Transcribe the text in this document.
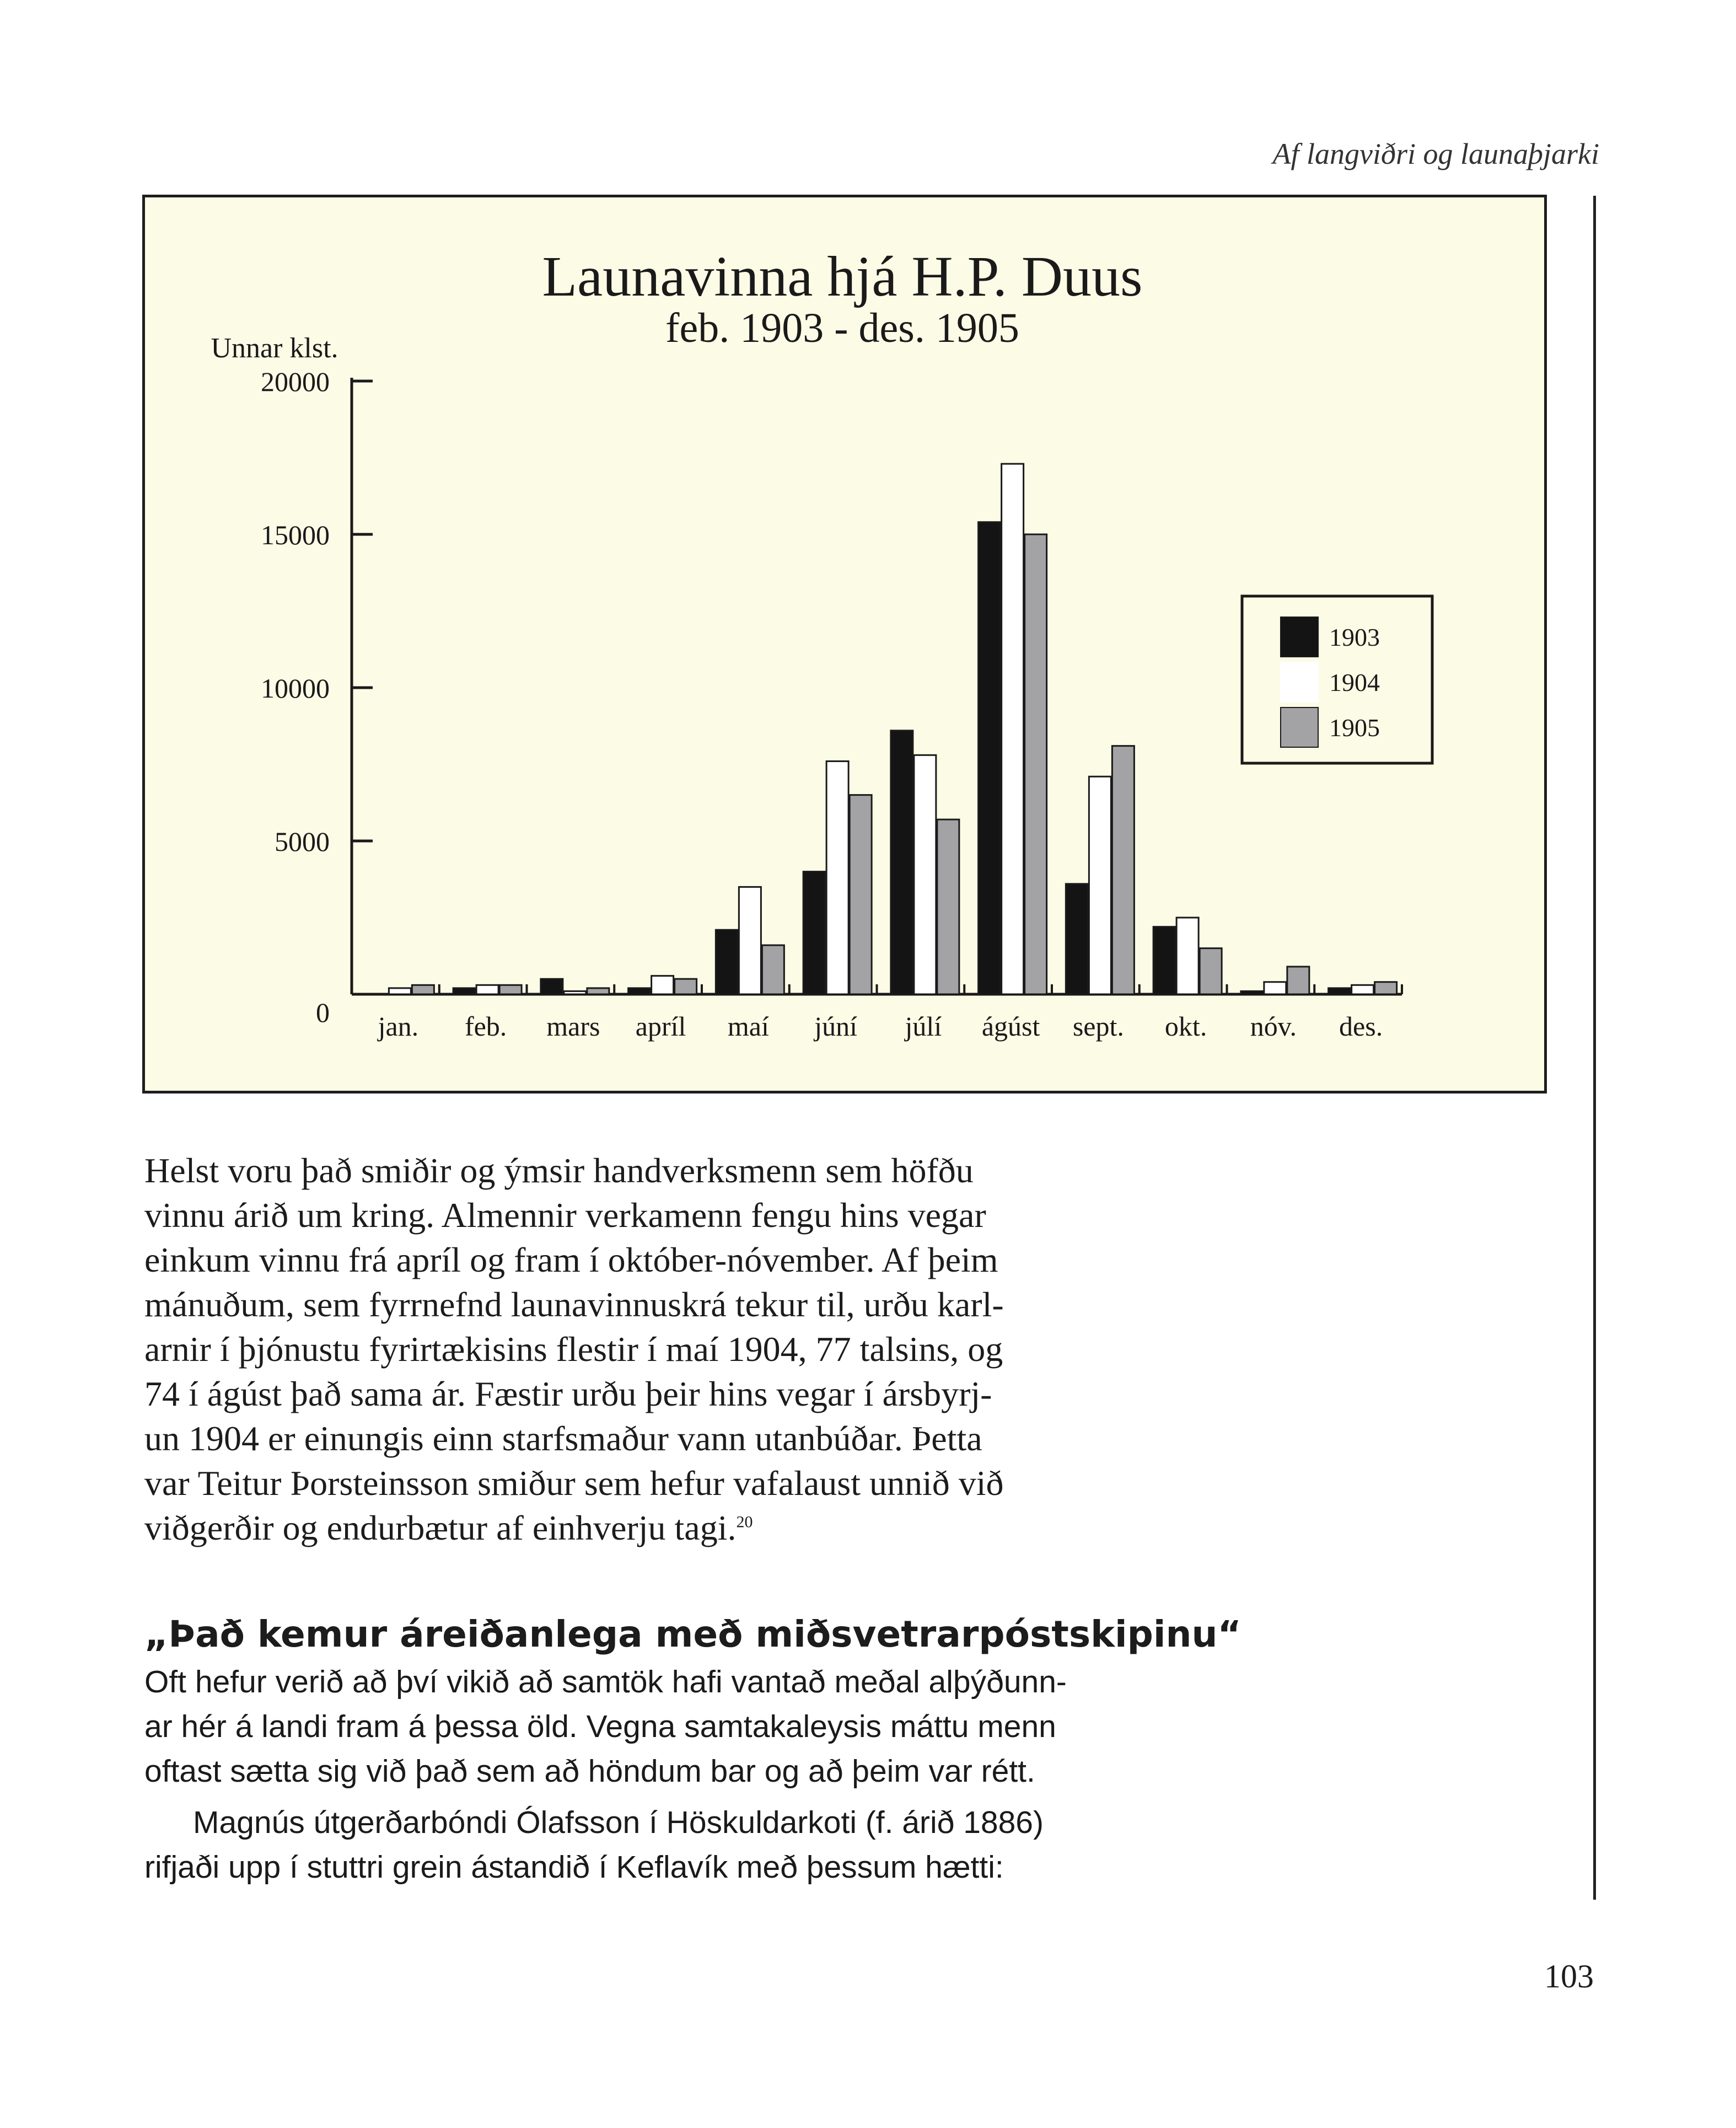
Af langviðri og launaþjarki
Launavinna hjá H.P. Duus
feb. 1903 - des. 1905
Unnar klst.
0
5000
10000
15000
20000
jan. feb. mars apríl maí júní júlí ágúst sept. okt. nóv. des.
1903
1904
1905

Helst voru það smiðir og ýmsir handverksmenn sem höfðu
vinnu árið um kring. Almennir verkamenn fengu hins vegar
einkum vinnu frá apríl og fram í október-nóvember. Af þeim
mánuðum, sem fyrrnefnd launavinnuskrá tekur til, urðu karl-
arnir í þjónustu fyrirtækisins flestir í maí 1904, 77 talsins, og
74 í ágúst það sama ár. Fæstir urðu þeir hins vegar í ársbyrj-
un 1904 er einungis einn starfsmaður vann utanbúðar. Þetta
var Teitur Þorsteinsson smiður sem hefur vafalaust unnið við
viðgerðir og endurbætur af einhverju tagi.$^{20}$

„Það kemur áreiðanlega með miðsvetrarpóstskipinu“

Oft hefur verið að því vikið að samtök hafi vantað meðal alþýðunn-
ar hér á landi fram á þessa öld. Vegna samtakaleysis máttu menn
oftast sætta sig við það sem að höndum bar og að þeim var rétt.

Magnús útgerðarbóndi Ólafsson í Höskuldarkoti (f. árið 1886)
rifjaði upp í stuttri grein ástandið í Keflavík með þessum hætti:

103
